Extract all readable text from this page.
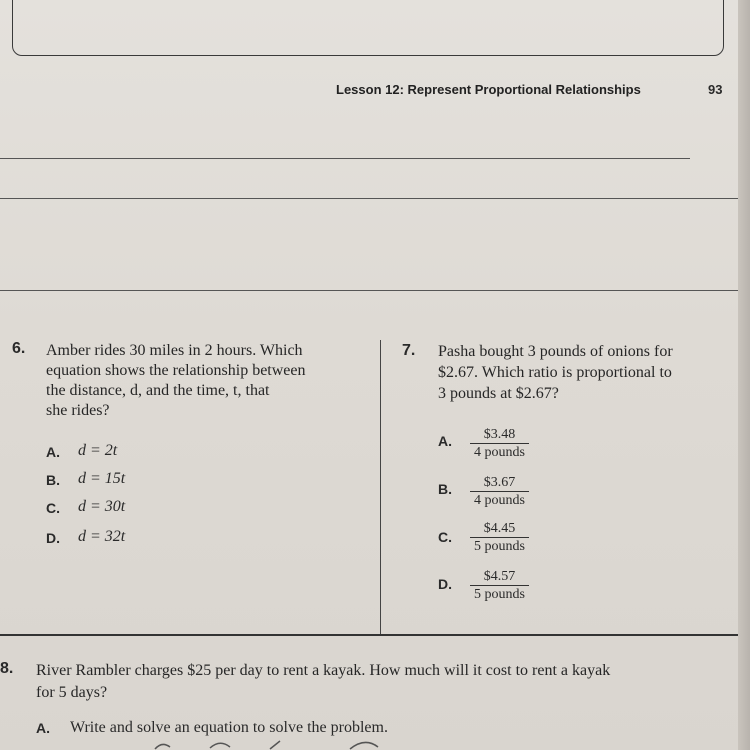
Lesson 12: Represent Proportional Relationships	93
6. Amber rides 30 miles in 2 hours. Which
equation shows the relationship between
the distance, d, and the time, t, that
she rides?
A. d = 2t
B. d = 15t
C. d = 30t
D. d = 32t
7. Pasha bought 3 pounds of onions for
$2.67. Which ratio is proportional to
3 pounds at $2.67?
A.	$3.48
4 pounds
B.	$3.67
4 pounds
C.
$4.45
5 pounds
D.	$4.57
5 pounds
8. River Rambler charges $25 per day to rent a kayak. How much will it cost to rent a kayak
for 5 days?
A. Write and solve an equation to solve the problem.
